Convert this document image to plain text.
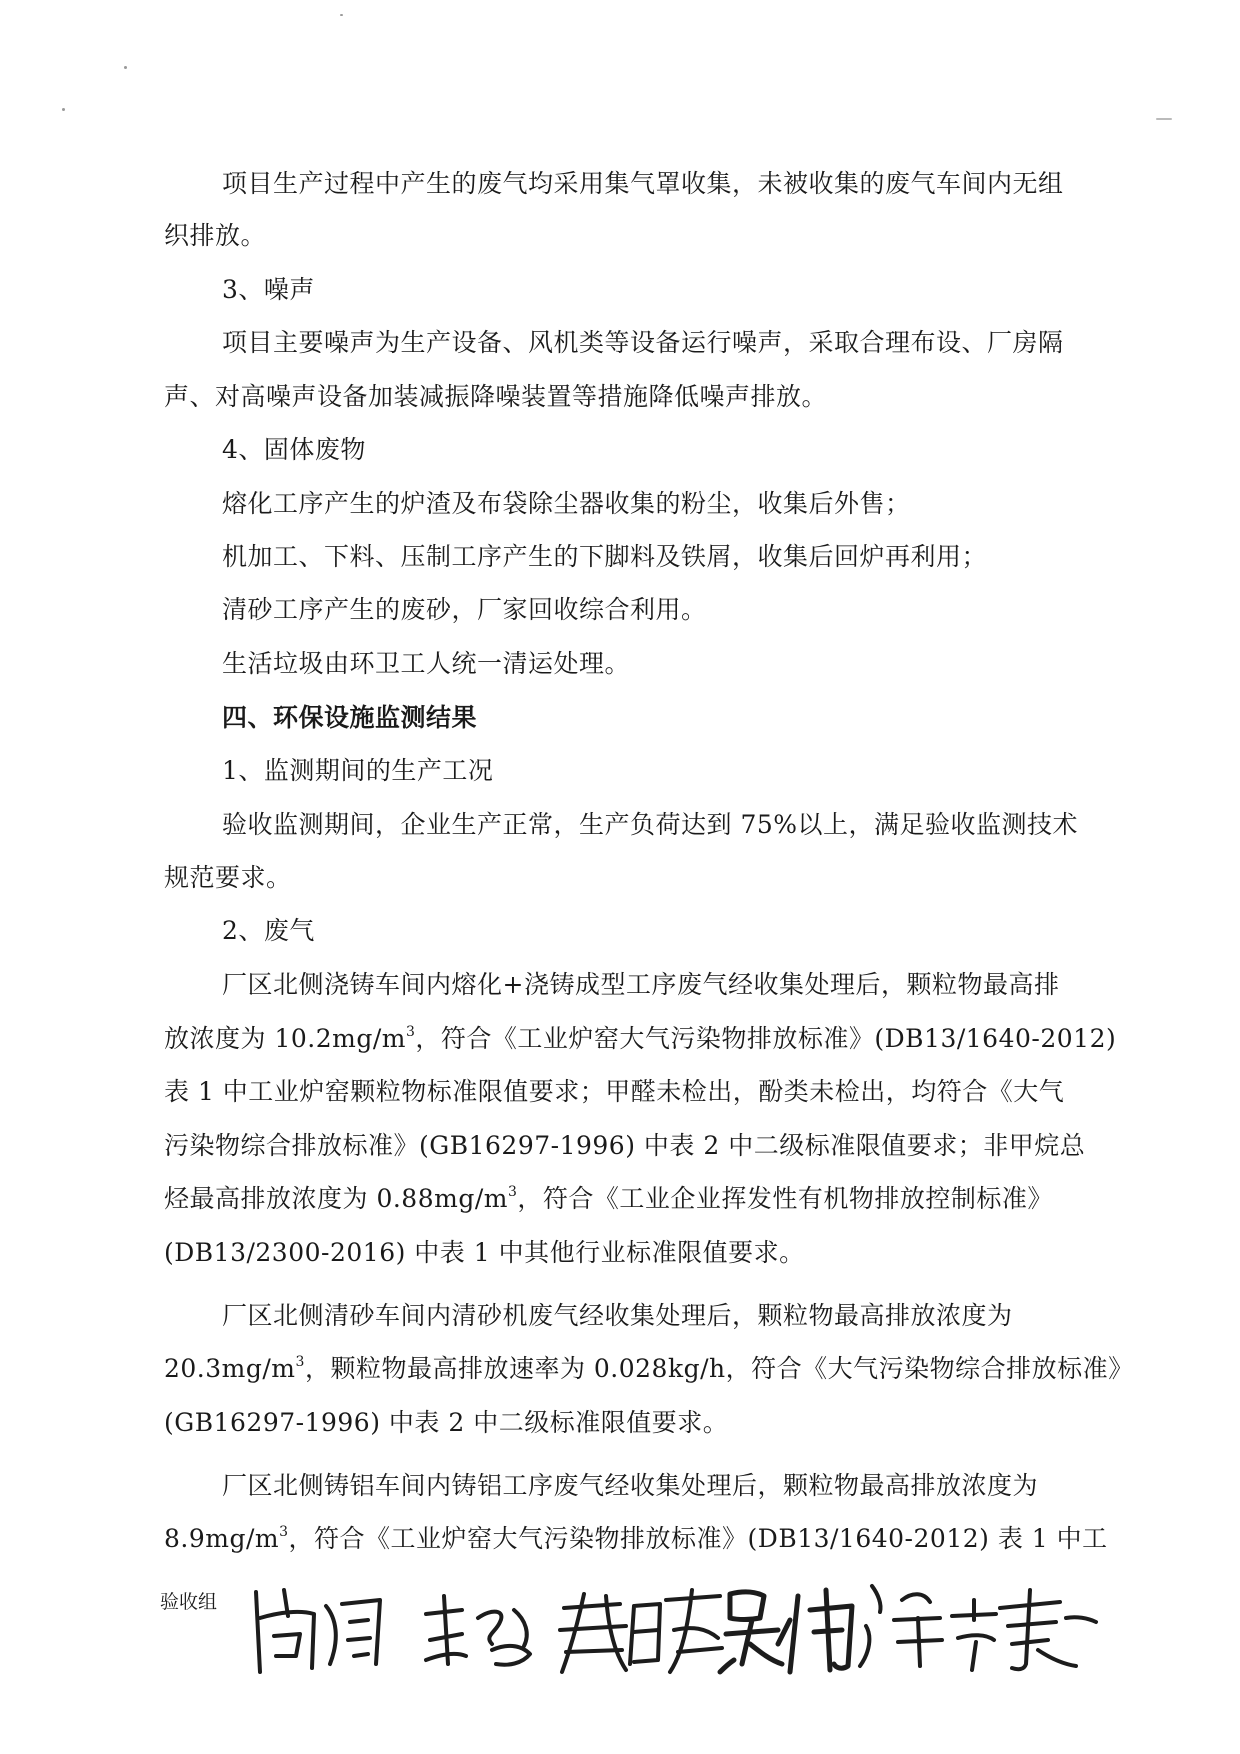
项目生产过程中产生的废气均采用集气罩收集，未被收集的废气车间内无组
织排放。
3、噪声
项目主要噪声为生产设备、风机类等设备运行噪声，采取合理布设、厂房隔
声、对高噪声设备加装减振降噪装置等措施降低噪声排放。
4、固体废物
熔化工序产生的炉渣及布袋除尘器收集的粉尘，收集后外售；
机加工、下料、压制工序产生的下脚料及铁屑，收集后回炉再利用；
清砂工序产生的废砂，厂家回收综合利用。
生活垃圾由环卫工人统一清运处理。
四、环保设施监测结果
1、监测期间的生产工况
验收监测期间，企业生产正常，生产负荷达到 75%以上，满足验收监测技术
规范要求。
2、废气
厂区北侧浇铸车间内熔化+浇铸成型工序废气经收集处理后，颗粒物最高排
放浓度为 $10.2mg/m^3$，符合《工业炉窑大气污染物排放标准》(DB13/1640-2012)
表 1 中工业炉窑颗粒物标准限值要求；甲醛未检出，酚类未检出，均符合《大气
污染物综合排放标准》(GB16297-1996) 中表 2 中二级标准限值要求；非甲烷总
烃最高排放浓度为 $0.88mg/m^3$，符合《工业企业挥发性有机物排放控制标准》
(DB13/2300-2016) 中表 1 中其他行业标准限值要求。
厂区北侧清砂车间内清砂机废气经收集处理后，颗粒物最高排放浓度为
$20.3mg/m^3$，颗粒物最高排放速率为 0.028kg/h，符合《大气污染物综合排放标准》
(GB16297-1996) 中表 2 中二级标准限值要求。
厂区北侧铸铝车间内铸铝工序废气经收集处理后，颗粒物最高排放浓度为
$8.9mg/m^3$，符合《工业炉窑大气污染物排放标准》(DB13/1640-2012) 表 1 中工
验收组
